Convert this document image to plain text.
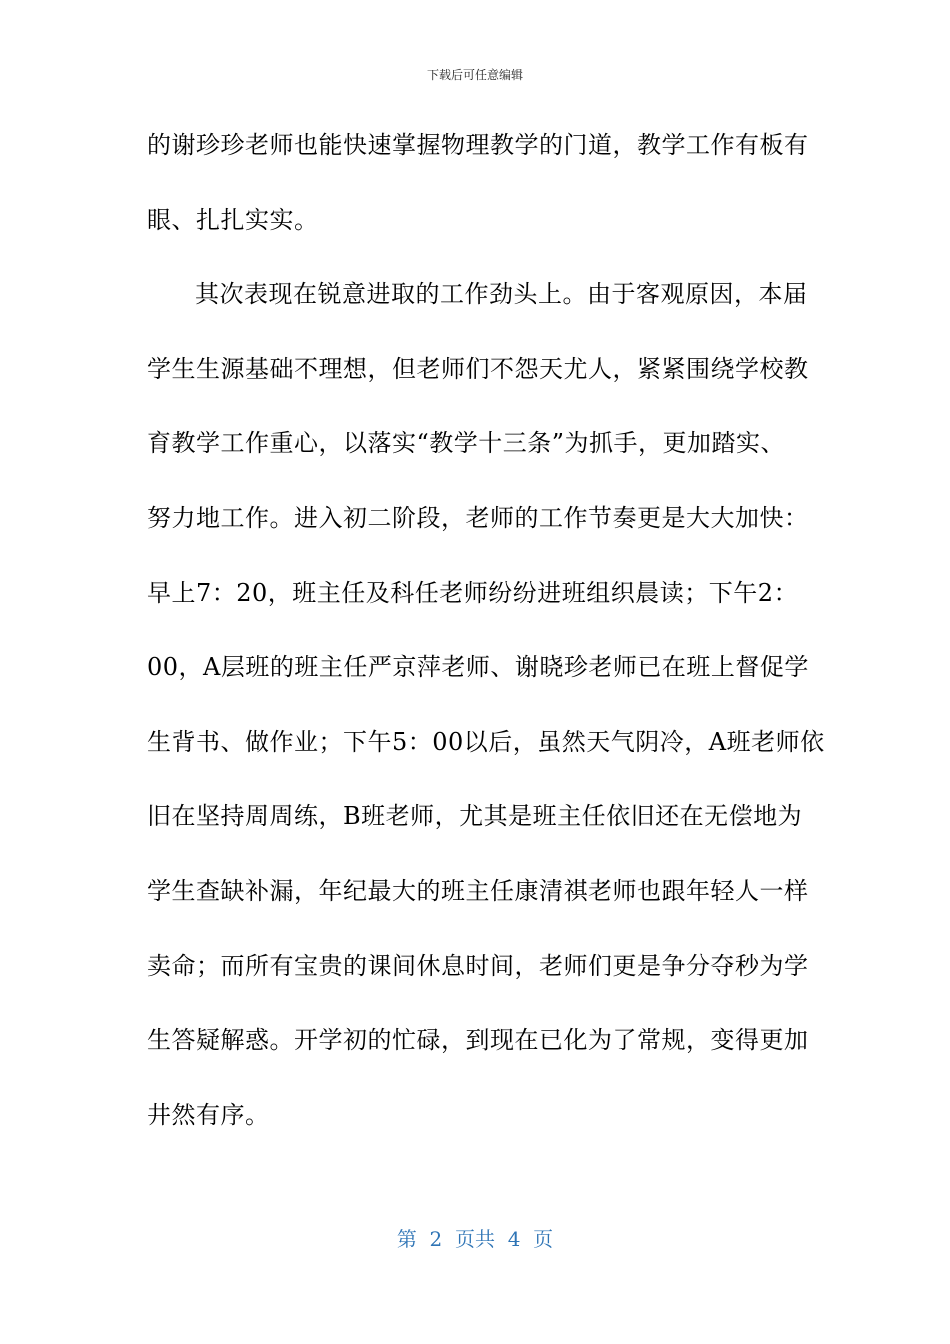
下载后可任意编辑
的谢珍珍老师也能快速掌握物理教学的门道，教学工作有板有
眼、扎扎实实。
其次表现在锐意进取的工作劲头上。由于客观原因，本届
学生生源基础不理想，但老师们不怨天尤人，紧紧围绕学校教
育教学工作重心，以落实“教学十三条”为抓手，更加踏实、
努力地工作。进入初二阶段，老师的工作节奏更是大大加快：
早上7：20，班主任及科任老师纷纷进班组织晨读；下午2：
00，A层班的班主任严京萍老师、谢晓珍老师已在班上督促学
生背书、做作业；下午5：00以后，虽然天气阴冷，A班老师依
旧在坚持周周练，B班老师，尤其是班主任依旧还在无偿地为
学生查缺补漏，年纪最大的班主任康清祺老师也跟年轻人一样
卖命；而所有宝贵的课间休息时间，老师们更是争分夺秒为学
生答疑解惑。开学初的忙碌，到现在已化为了常规，变得更加
井然有序。
第  2  页共  4  页
